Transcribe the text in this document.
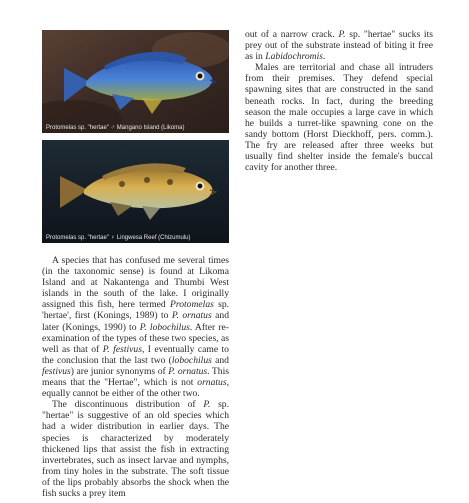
Protomelas sp. "hertae" ♂ Mangano Island (Likoma)
Protomelas sp. "hertae" ♀ Lingwesa Reef (Chizumulu)

A species that has confused me several times (in the taxonomic sense) is found at Likoma Island and at Nakantenga and Thumbi West islands in the south of the lake. I originally assigned this fish, here termed Protomelas sp. 'hertae', first (Konings, 1989) to P. ornatus and later (Konings, 1990) to P. lobochilus. After re-examination of the types of these two species, as well as that of P. festivus, I eventually came to the conclusion that the last two (lobochilus and festivus) are junior synonyms of P. ornatus. This means that the "Hertae", which is not ornatus, equally cannot be either of the other two.

The discontinuous distribution of P. sp. "hertae" is suggestive of an old species which had a wider distribution in earlier days. The species is characterized by moderately thickened lips that assist the fish in extracting invertebrates, such as insect larvae and nymphs, from tiny holes in the substrate. The soft tissue of the lips probably absorbs the shock when the fish sucks a prey item

out of a narrow crack. P. sp. "hertae" sucks its prey out of the substrate instead of biting it free as in Labidochromis.

Males are territorial and chase all intruders from their premises. They defend special spawning sites that are constructed in the sand beneath rocks. In fact, during the breeding season the male occupies a large cave in which he builds a turret-like spawning cone on the sandy bottom (Horst Dieckhoff, pers. comm.). The fry are released after three weeks but usually find shelter inside the female's buccal cavity for another three.
